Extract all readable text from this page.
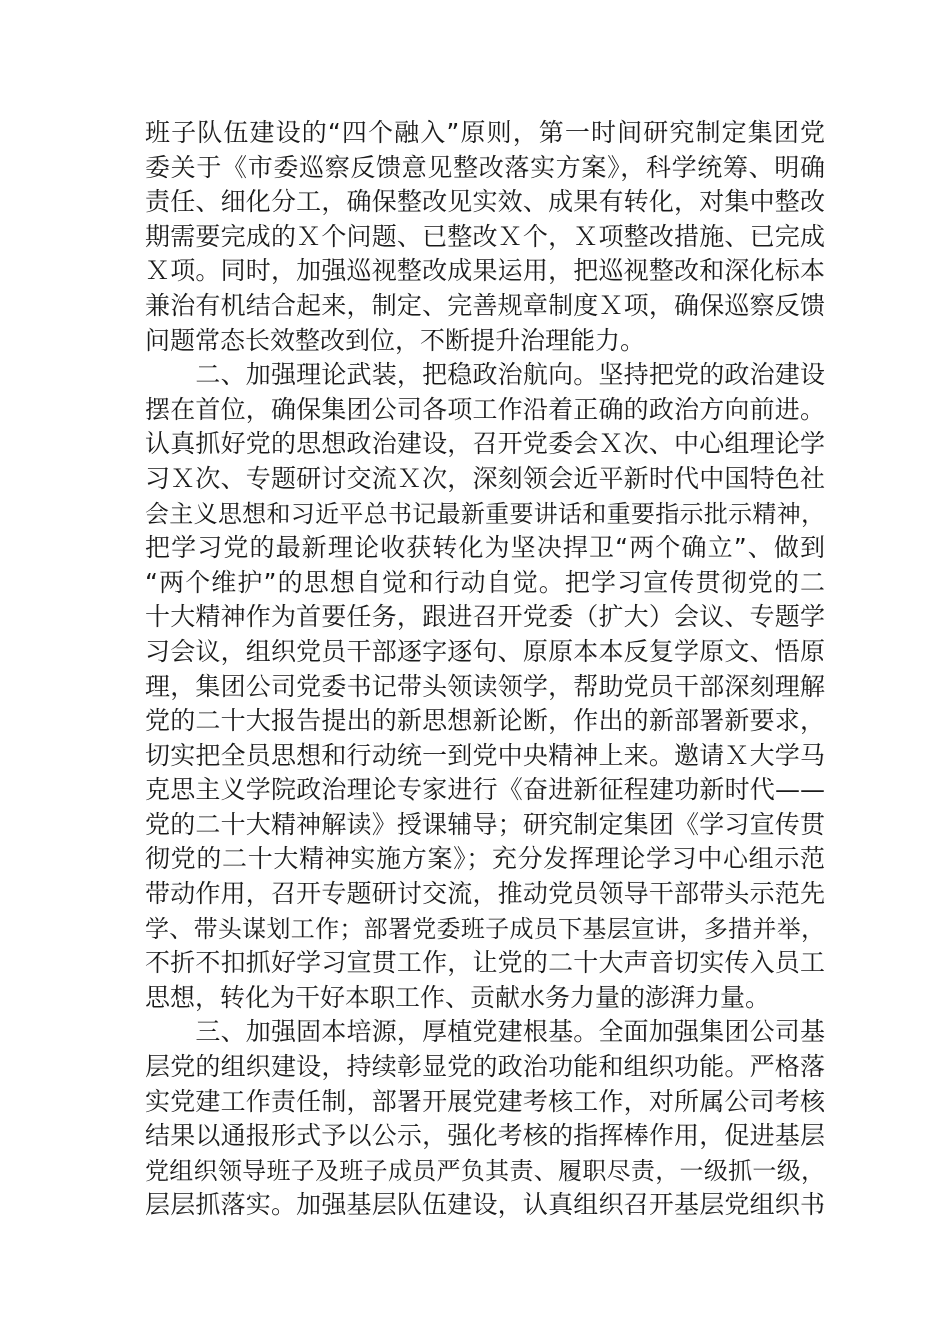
班子队伍建设的“四个融入”原则，第一时间研究制定集团党
委关于《市委巡察反馈意见整改落实方案》，科学统筹、明确
责任、细化分工，确保整改见实效、成果有转化，对集中整改
期需要完成的Ｘ个问题、已整改Ｘ个，Ｘ项整改措施、已完成
Ｘ项。同时，加强巡视整改成果运用，把巡视整改和深化标本
兼治有机结合起来，制定、完善规章制度Ｘ项，确保巡察反馈
问题常态长效整改到位，不断提升治理能力。
　　二、加强理论武装，把稳政治航向。坚持把党的政治建设
摆在首位，确保集团公司各项工作沿着正确的政治方向前进。
认真抓好党的思想政治建设，召开党委会Ｘ次、中心组理论学
习Ｘ次、专题研讨交流Ｘ次，深刻领会近平新时代中国特色社
会主义思想和习近平总书记最新重要讲话和重要指示批示精神，
把学习党的最新理论收获转化为坚决捍卫“两个确立”、做到
“两个维护”的思想自觉和行动自觉。把学习宣传贯彻党的二
十大精神作为首要任务，跟进召开党委（扩大）会议、专题学
习会议，组织党员干部逐字逐句、原原本本反复学原文、悟原
理，集团公司党委书记带头领读领学，帮助党员干部深刻理解
党的二十大报告提出的新思想新论断，作出的新部署新要求，
切实把全员思想和行动统一到党中央精神上来。邀请Ｘ大学马
克思主义学院政治理论专家进行《奋进新征程建功新时代——
党的二十大精神解读》授课辅导；研究制定集团《学习宣传贯
彻党的二十大精神实施方案》；充分发挥理论学习中心组示范
带动作用，召开专题研讨交流，推动党员领导干部带头示范先
学、带头谋划工作；部署党委班子成员下基层宣讲，多措并举，
不折不扣抓好学习宣贯工作，让党的二十大声音切实传入员工
思想，转化为干好本职工作、贡献水务力量的澎湃力量。
　　三、加强固本培源，厚植党建根基。全面加强集团公司基
层党的组织建设，持续彰显党的政治功能和组织功能。严格落
实党建工作责任制，部署开展党建考核工作，对所属公司考核
结果以通报形式予以公示，强化考核的指挥棒作用，促进基层
党组织领导班子及班子成员严负其责、履职尽责，一级抓一级，
层层抓落实。加强基层队伍建设，认真组织召开基层党组织书
